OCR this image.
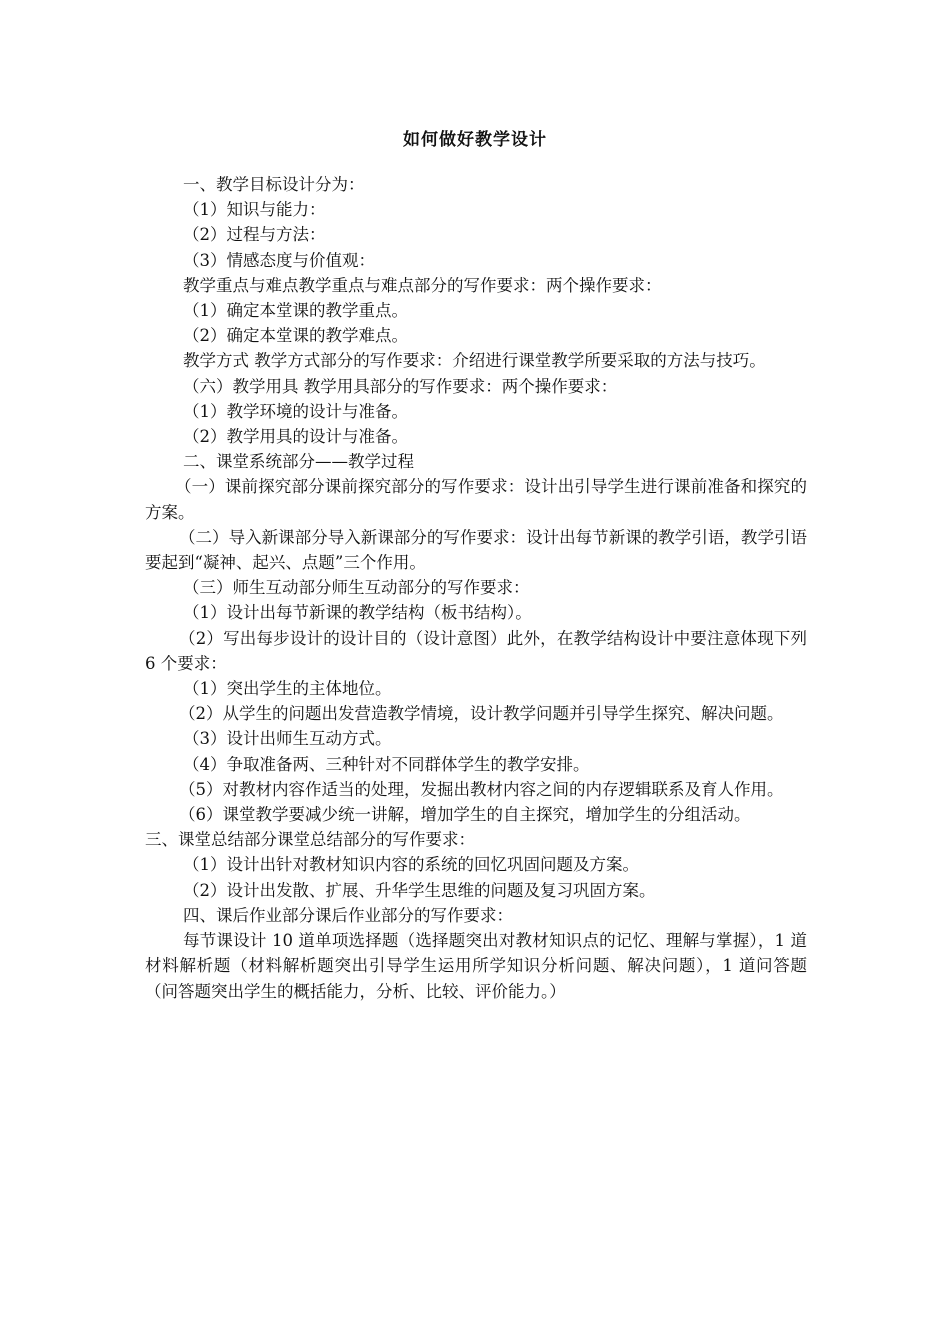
如何做好教学设计

一、教学目标设计分为：

（1）知识与能力：

（2）过程与方法：

（3）情感态度与价值观：

教学重点与难点教学重点与难点部分的写作要求：两个操作要求：

（1）确定本堂课的教学重点。

（2）确定本堂课的教学难点。

教学方式 教学方式部分的写作要求：介绍进行课堂教学所要采取的方法与技巧。

（六）教学用具 教学用具部分的写作要求：两个操作要求：

（1）教学环境的设计与准备。

（2）教学用具的设计与准备。

二、课堂系统部分——教学过程

（一）课前探究部分课前探究部分的写作要求：设计出引导学生进行课前准备和探究的方案。

（二）导入新课部分导入新课部分的写作要求：设计出每节新课的教学引语，教学引语要起到“凝神、起兴、点题”三个作用。

（三）师生互动部分师生互动部分的写作要求：

（1）设计出每节新课的教学结构（板书结构）。

（2）写出每步设计的设计目的（设计意图）此外，在教学结构设计中要注意体现下列 6 个要求：

（1）突出学生的主体地位。

（2）从学生的问题出发营造教学情境，设计教学问题并引导学生探究、解决问题。

（3）设计出师生互动方式。

（4）争取准备两、三种针对不同群体学生的教学安排。

（5）对教材内容作适当的处理，发掘出教材内容之间的内存逻辑联系及育人作用。

（6）课堂教学要减少统一讲解，增加学生的自主探究，增加学生的分组活动。

三、课堂总结部分课堂总结部分的写作要求：

（1）设计出针对教材知识内容的系统的回忆巩固问题及方案。

（2）设计出发散、扩展、升华学生思维的问题及复习巩固方案。

四、课后作业部分课后作业部分的写作要求：

每节课设计 10 道单项选择题（选择题突出对教材知识点的记忆、理解与掌握），1 道材料解析题（材料解析题突出引导学生运用所学知识分析问题、解决问题），1 道问答题（问答题突出学生的概括能力，分析、比较、评价能力。）
